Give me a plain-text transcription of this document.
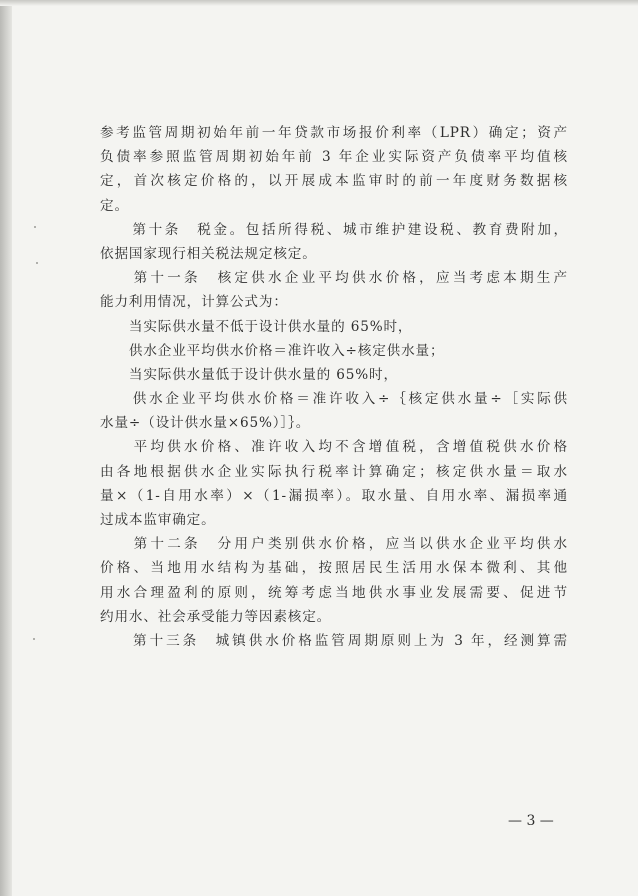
参考监管周期初始年前一年贷款市场报价利率（LPR）确定；资产
负债率参照监管周期初始年前 3 年企业实际资产负债率平均值核
定，首次核定价格的，以开展成本监审时的前一年度财务数据核
定。
　　第十条　税金。包括所得税、城市维护建设税、教育费附加，
依据国家现行相关税法规定核定。
　　第十一条　核定供水企业平均供水价格，应当考虑本期生产
能力利用情况，计算公式为：
　　当实际供水量不低于设计供水量的 65%时，
　　供水企业平均供水价格＝准许收入÷核定供水量；
　　当实际供水量低于设计供水量的 65%时，
　　供水企业平均供水价格＝准许收入÷｛核定供水量÷［实际供
水量÷（设计供水量×65%）］｝。
　　平均供水价格、准许收入均不含增值税，含增值税供水价格
由各地根据供水企业实际执行税率计算确定；核定供水量＝取水
量×（1-自用水率）×（1-漏损率）。取水量、自用水率、漏损率通
过成本监审确定。
　　第十二条　分用户类别供水价格，应当以供水企业平均供水
价格、当地用水结构为基础，按照居民生活用水保本微利、其他
用水合理盈利的原则，统筹考虑当地供水事业发展需要、促进节
约用水、社会承受能力等因素核定。
　　第十三条　城镇供水价格监管周期原则上为 3 年，经测算需
— 3 —
